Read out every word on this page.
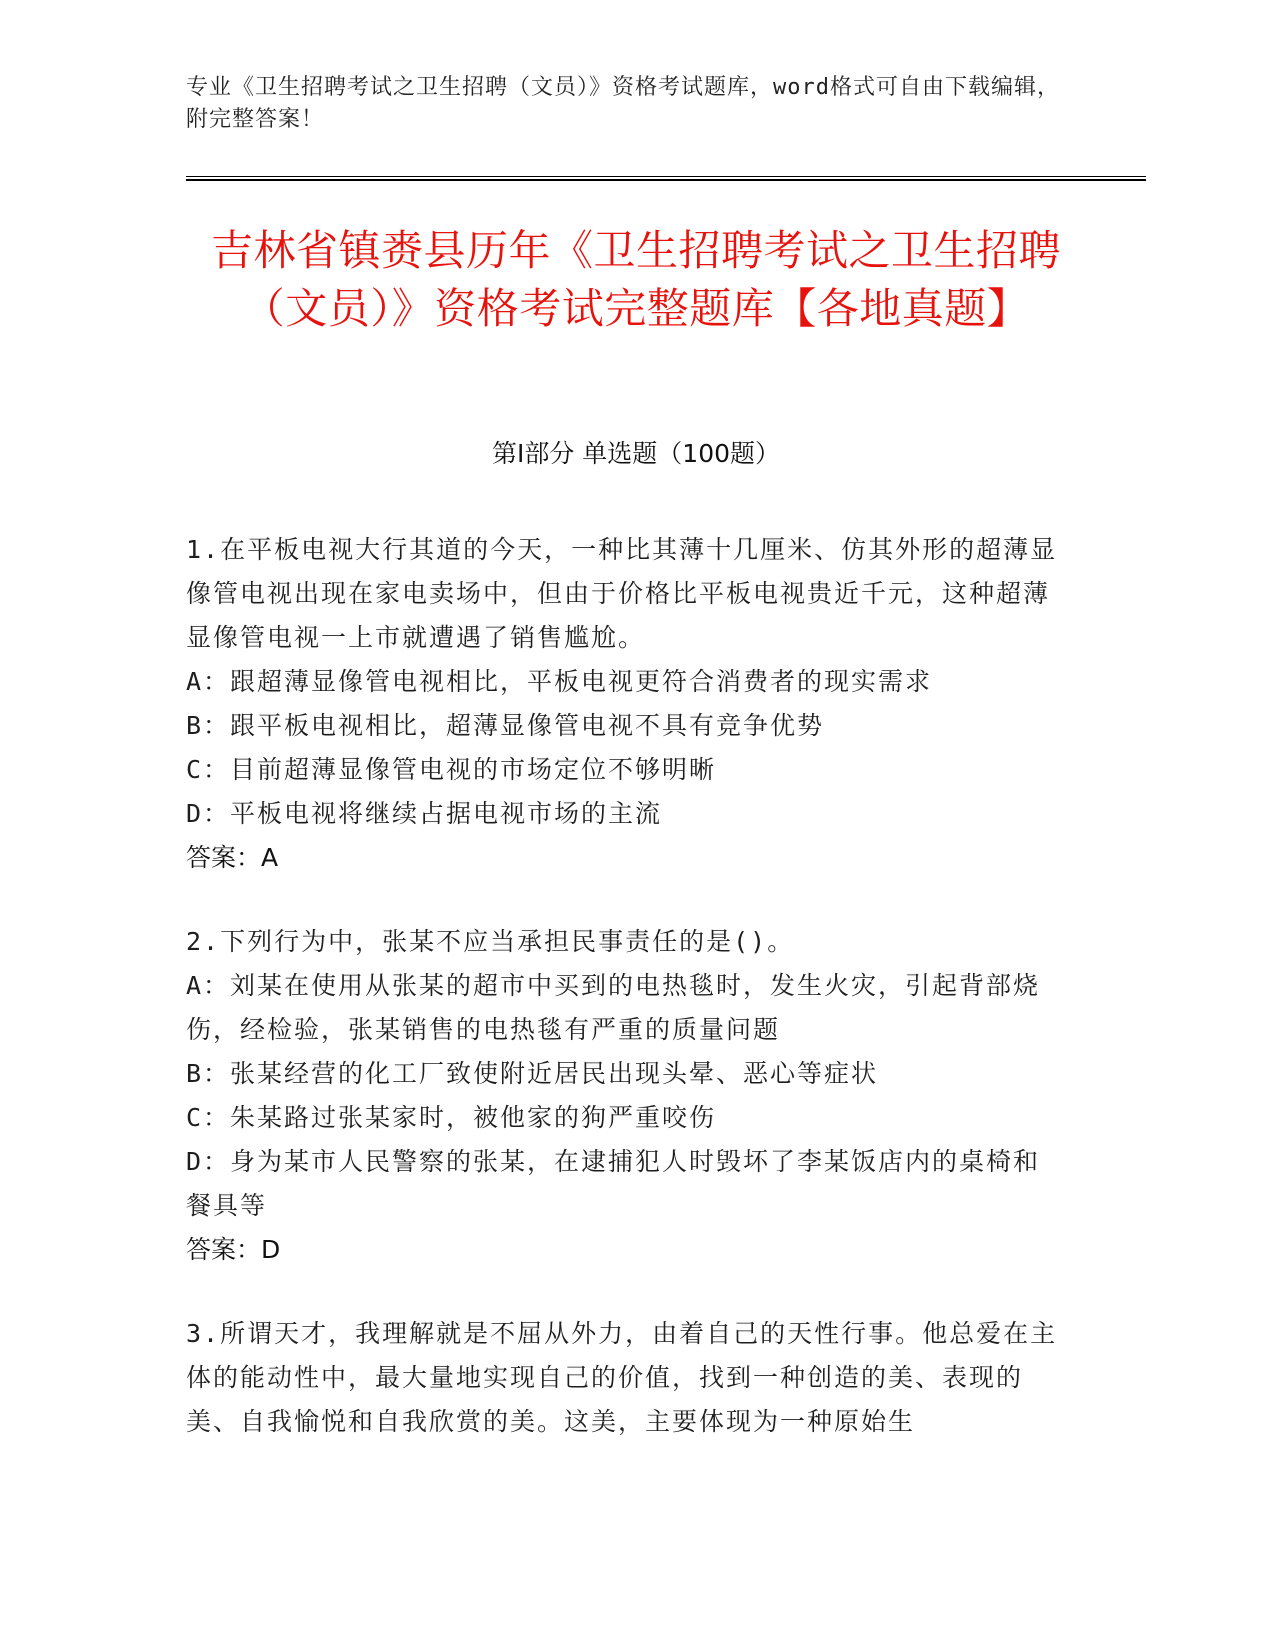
专业《卫生招聘考试之卫生招聘（文员）》资格考试题库，word格式可自由下载编辑，附完整答案！
吉林省镇赉县历年《卫生招聘考试之卫生招聘（文员）》资格考试完整题库【各地真题】
第Ⅰ部分 单选题（100题）

1.在平板电视大行其道的今天，一种比其薄十几厘米、仿其外形的超薄显像管电视出现在家电卖场中，但由于价格比平板电视贵近千元，这种超薄显像管电视一上市就遭遇了销售尴尬。

A：跟超薄显像管电视相比，平板电视更符合消费者的现实需求

B：跟平板电视相比，超薄显像管电视不具有竞争优势

C：目前超薄显像管电视的市场定位不够明晰

D：平板电视将继续占据电视市场的主流

答案：A

2.下列行为中，张某不应当承担民事责任的是()。

A：刘某在使用从张某的超市中买到的电热毯时，发生火灾，引起背部烧伤，经检验，张某销售的电热毯有严重的质量问题

B：张某经营的化工厂致使附近居民出现头晕、恶心等症状

C：朱某路过张某家时，被他家的狗严重咬伤

D：身为某市人民警察的张某，在逮捕犯人时毁坏了李某饭店内的桌椅和餐具等

答案：D

3.所谓天才，我理解就是不屈从外力，由着自己的天性行事。他总爱在主体的能动性中，最大量地实现自己的价值，找到一种创造的美、表现的美、自我愉悦和自我欣赏的美。这美，主要体现为一种原始生
